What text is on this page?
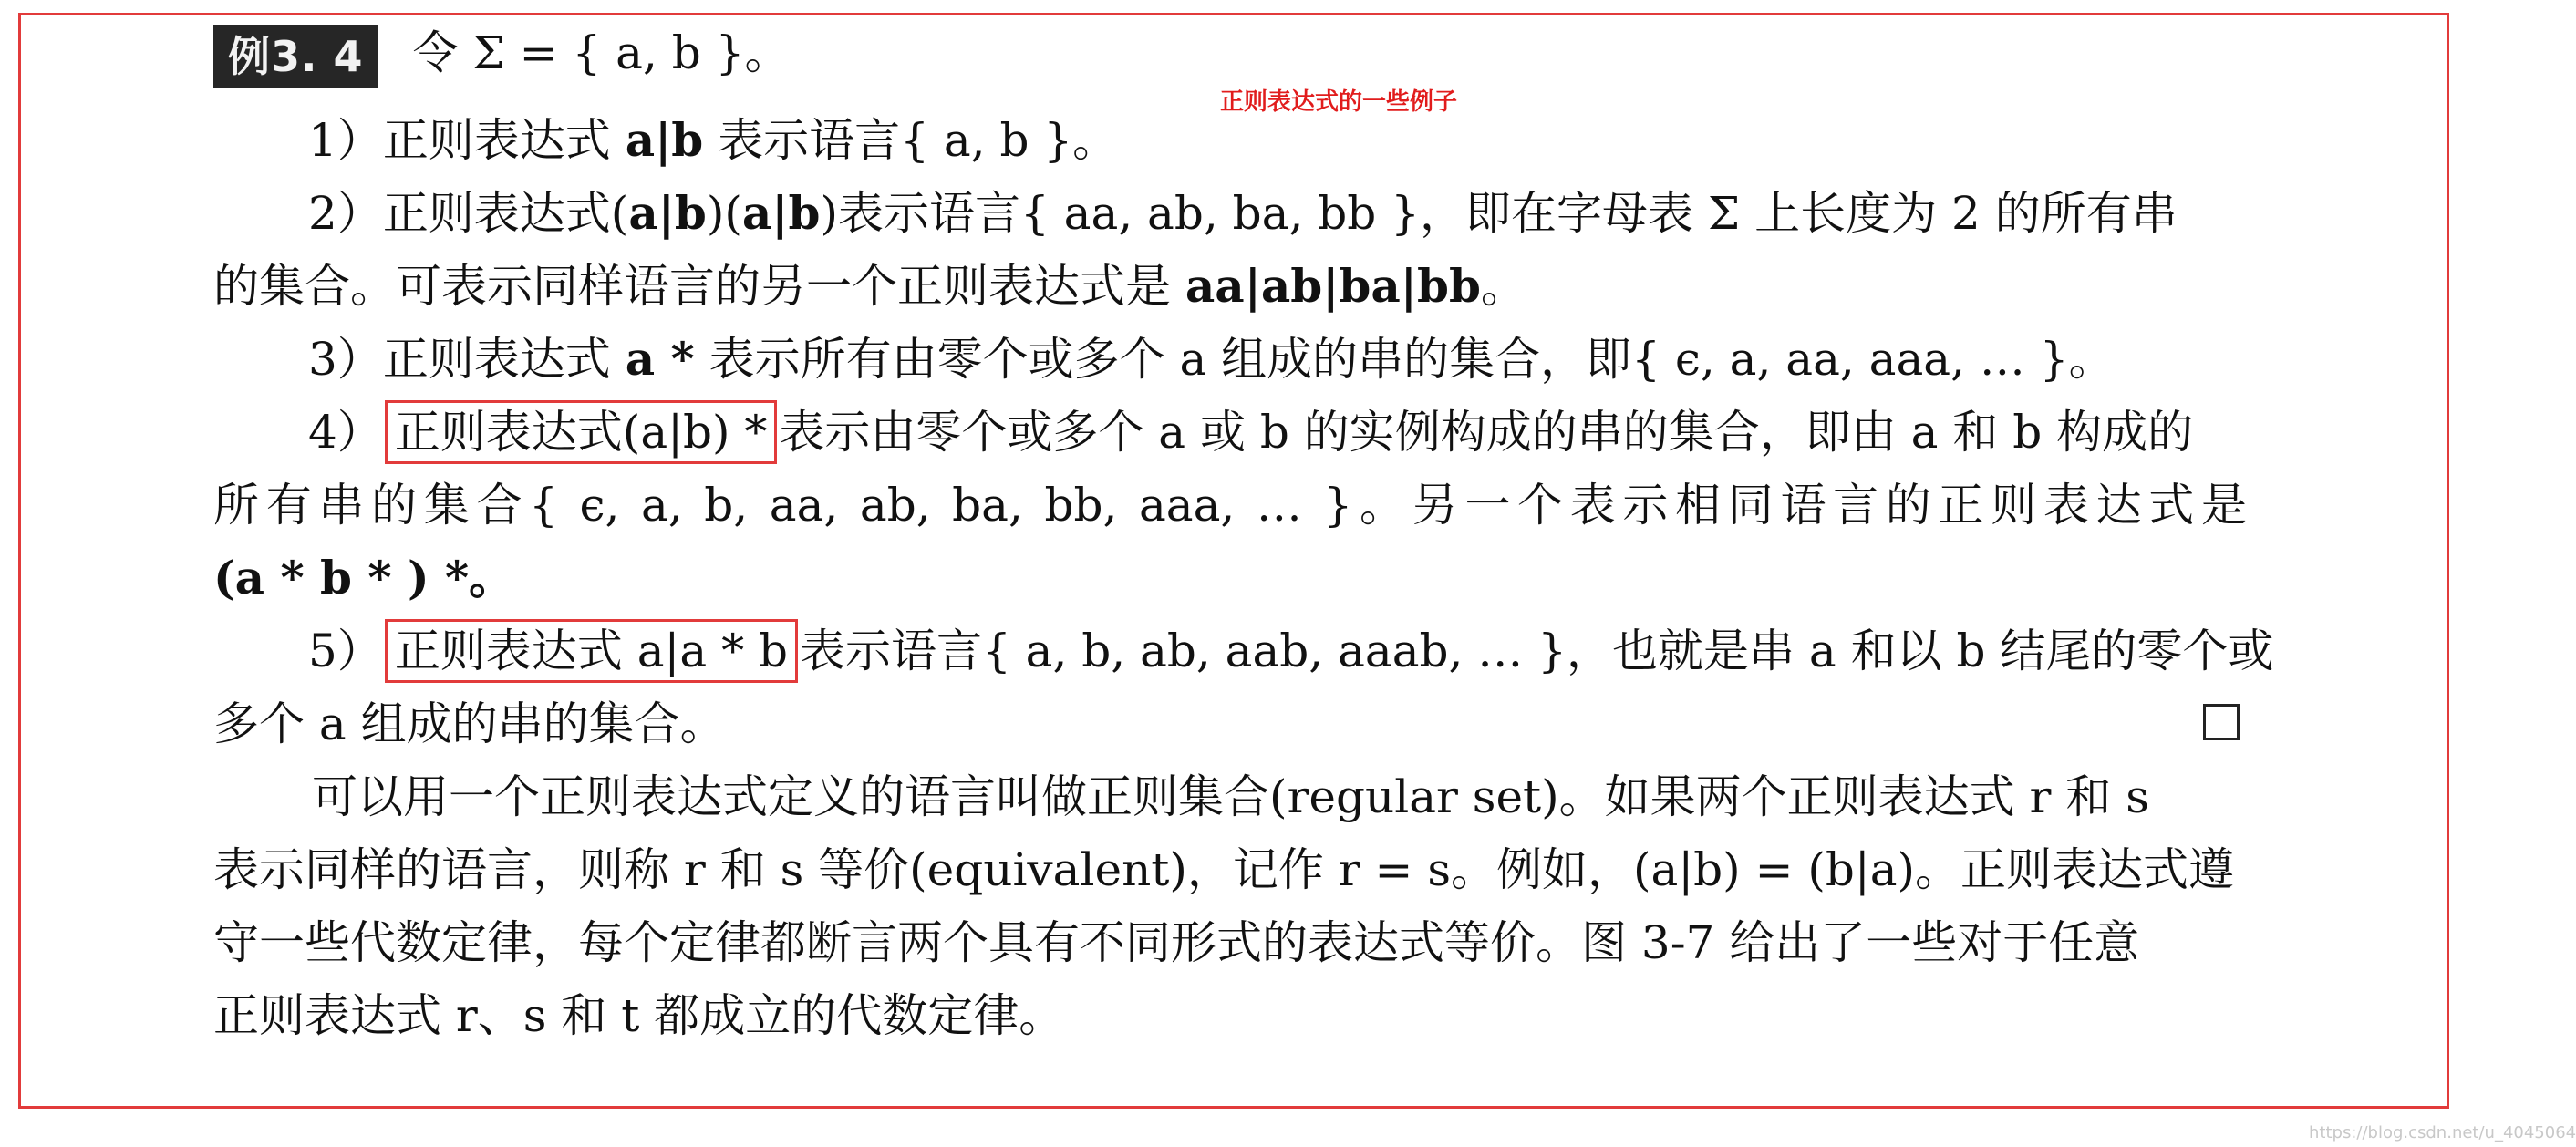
例3. 4 令 Σ = { a, b }。
正则表达式的一些例子
1）正则表达式 a|b 表示语言{ a, b }。
2）正则表达式(a|b)(a|b)表示语言{ aa, ab, ba, bb }，即在字母表 Σ 上长度为 2 的所有串
的集合。可表示同样语言的另一个正则表达式是 aa|ab|ba|bb。
3）正则表达式 a * 表示所有由零个或多个 a 组成的串的集合，即{ ϵ, a, aa, aaa, … }。
4） 正则表达式(a|b) * 表示由零个或多个 a 或 b 的实例构成的串的集合，即由 a 和 b 构成的
所有串的集合{ ϵ, a, b, aa, ab, ba, bb, aaa, … }。另一个表示相同语言的正则表达式是
(a * b * ) *。
5） 正则表达式 a|a * b 表示语言{ a, b, ab, aab, aaab, … }，也就是串 a 和以 b 结尾的零个或
多个 a 组成的串的集合。
可以用一个正则表达式定义的语言叫做正则集合(regular set)。如果两个正则表达式 r 和 s
表示同样的语言，则称 r 和 s 等价(equivalent)，记作 r = s。例如，(a|b) = (b|a)。正则表达式遵
守一些代数定律，每个定律都断言两个具有不同形式的表达式等价。图 3-7 给出了一些对于任意
正则表达式 r、s 和 t 都成立的代数定律。
https://blog.csdn.net/u_4045064
